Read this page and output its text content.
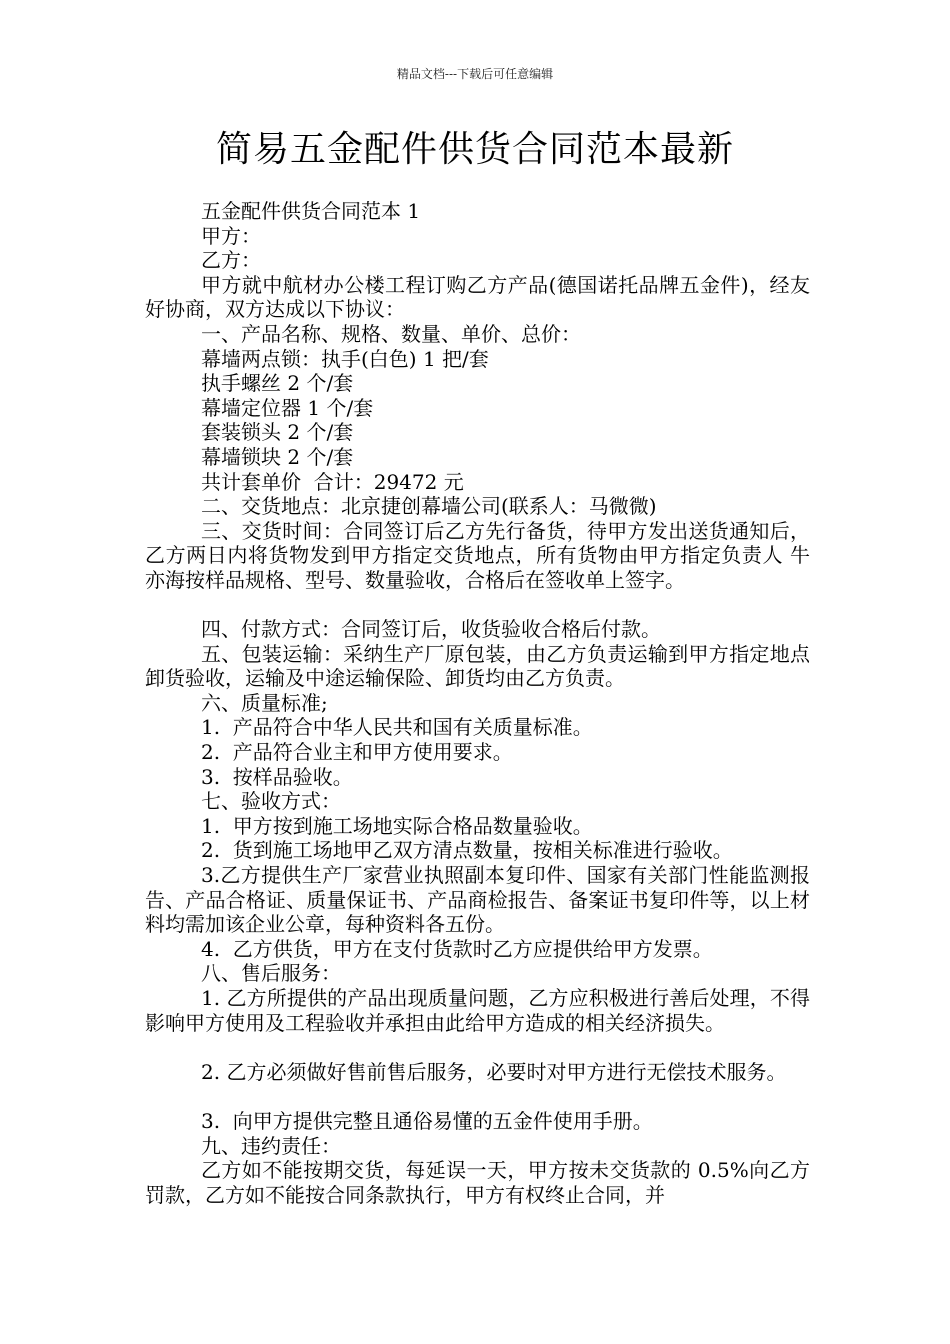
精品文档---下载后可任意编辑
简易五金配件供货合同范本最新
五金配件供货合同范本 1
甲方：
乙方：
甲方就中航材办公楼工程订购乙方产品(德国诺托品牌五金件)，经友好协商，双方达成以下协议：
一、产品名称、规格、数量、单价、总价：
幕墙两点锁：执手(白色) 1 把/套
执手螺丝 2 个/套
幕墙定位器 1 个/套
套装锁头 2 个/套
幕墙锁块 2 个/套
共计套单价  合计：29472 元
二、交货地点：北京捷创幕墙公司(联系人：马微微)
三、交货时间：合同签订后乙方先行备货，待甲方发出送货通知后，乙方两日内将货物发到甲方指定交货地点，所有货物由甲方指定负责人 牛亦海按样品规格、型号、数量验收，合格后在签收单上签字。
四、付款方式：合同签订后，收货验收合格后付款。
五、包装运输：采纳生产厂原包装，由乙方负责运输到甲方指定地点卸货验收，运输及中途运输保险、卸货均由乙方负责。
六、质量标准;
1.  产品符合中华人民共和国有关质量标准。
2.  产品符合业主和甲方使用要求。
3.  按样品验收。
七、验收方式：
1.  甲方按到施工场地实际合格品数量验收。
2.  货到施工场地甲乙双方清点数量，按相关标准进行验收。
3.乙方提供生产厂家营业执照副本复印件、国家有关部门性能监测报告、产品合格证、质量保证书、产品商检报告、备案证书复印件等，以上材料均需加该企业公章，每种资料各五份。
4.  乙方供货，甲方在支付货款时乙方应提供给甲方发票。
八、售后服务：
1. 乙方所提供的产品出现质量问题，乙方应积极进行善后处理，不得影响甲方使用及工程验收并承担由此给甲方造成的相关经济损失。
2. 乙方必须做好售前售后服务，必要时对甲方进行无偿技术服务。
3.  向甲方提供完整且通俗易懂的五金件使用手册。
九、违约责任：
乙方如不能按期交货，每延误一天，甲方按未交货款的 0.5%向乙方罚款，乙方如不能按合同条款执行，甲方有权终止合同，并
